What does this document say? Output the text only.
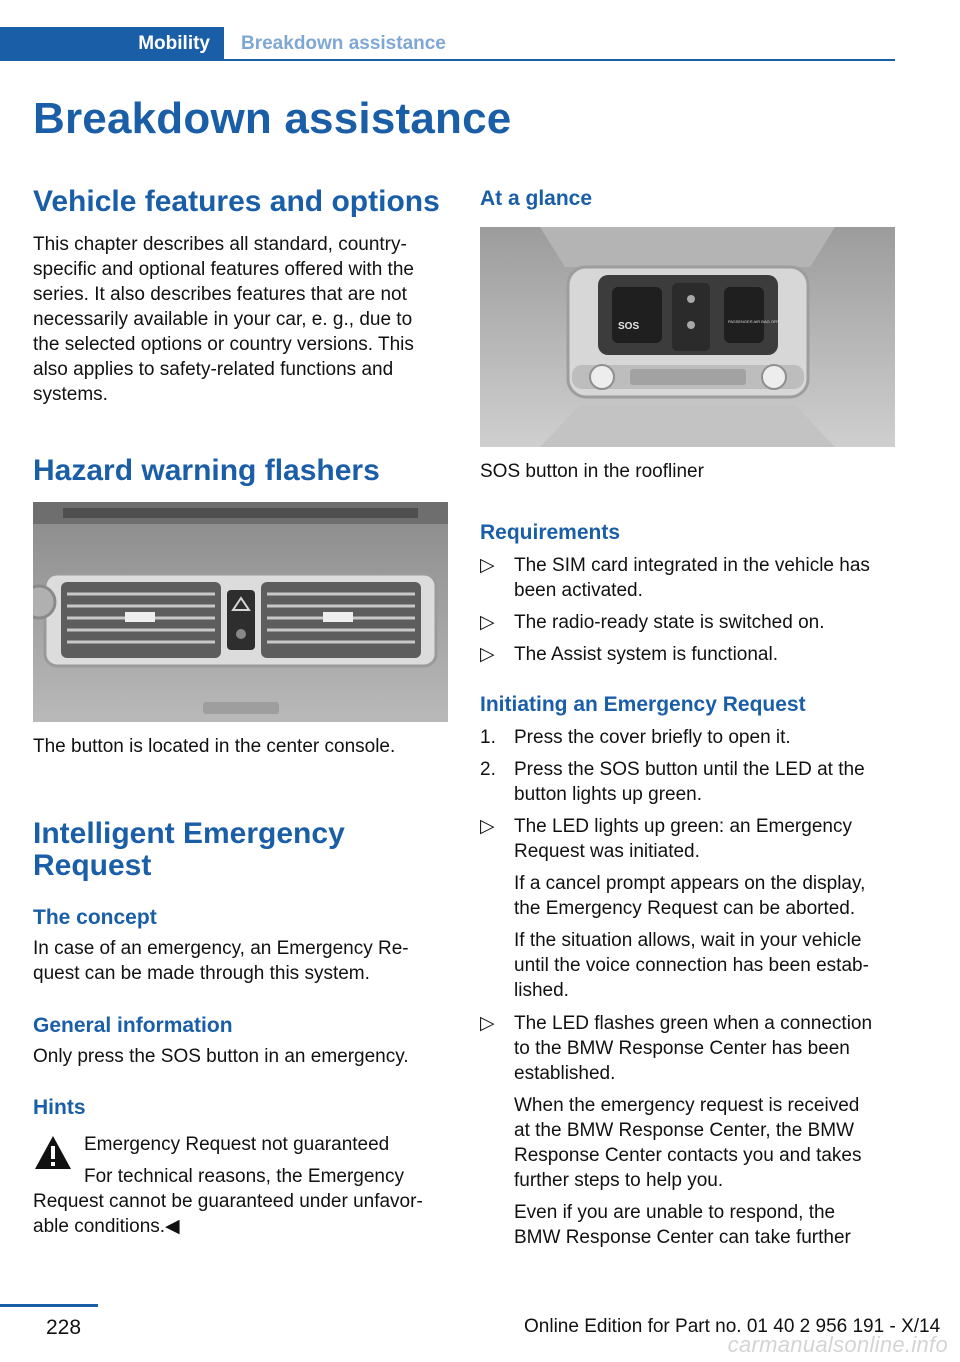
Mobility	Breakdown assistance
Breakdown assistance
Vehicle features and options

This chapter describes all standard, country-

specific and optional features offered with the

series. It also describes features that are not

necessarily available in your car, e. g., due to

the selected options or country versions. This

also applies to safety-related functions and

systems.

Hazard warning flashers

The button is located in the center console.

Intelligent Emergency
Request
The concept

In case of an emergency, an Emergency Re-

quest can be made through this system.

General information

Only press the SOS button in an emergency.

Hints

Emergency Request not guaranteed

For technical reasons, the Emergency

Request cannot be guaranteed under unfavor-

able conditions.◀

At a glance
SOS	PASSENGER AIR BAG OFF

SOS button in the roofliner

Requirements
▷	The SIM card integrated in the vehicle has
been activated.
▷	The radio-ready state is switched on.
▷	The Assist system is functional.
Initiating an Emergency Request
1. Press the cover briefly to open it.
2. Press the SOS button until the LED at the
button lights up green.
▷	The LED lights up green: an Emergency
Request was initiated.
If a cancel prompt appears on the display,
the Emergency Request can be aborted.
If the situation allows, wait in your vehicle
until the voice connection has been estab-
lished.
▷	The LED flashes green when a connection
to the BMW Response Center has been
established.
When the emergency request is received
at the BMW Response Center, the BMW
Response Center contacts you and takes
further steps to help you.
Even if you are unable to respond, the
BMW Response Center can take further
228	Online Edition for Part no. 01 40 2 956 191 - X/14
carmanualsonline.info
